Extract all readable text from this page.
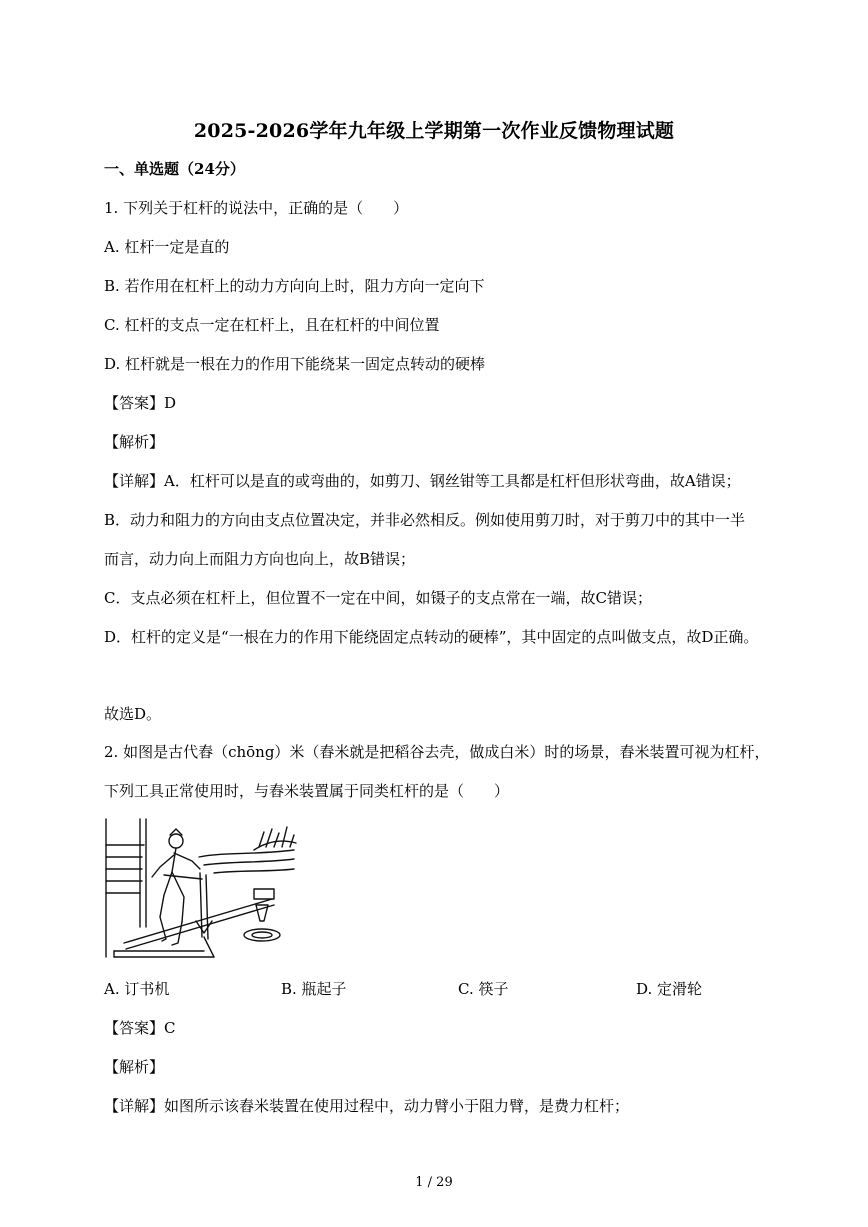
2025-2026学年九年级上学期第一次作业反馈物理试题
一、单选题（24分）
1. 下列关于杠杆的说法中，正确的是（　　）
A. 杠杆一定是直的
B. 若作用在杠杆上的动力方向向上时，阻力方向一定向下
C. 杠杆的支点一定在杠杆上，且在杠杆的中间位置
D. 杠杆就是一根在力的作用下能绕某一固定点转动的硬棒
【答案】D
【解析】
【详解】A．杠杆可以是直的或弯曲的，如剪刀、钢丝钳等工具都是杠杆但形状弯曲，故A错误；
B．动力和阻力的方向由支点位置决定，并非必然相反。例如使用剪刀时，对于剪刀中的其中一半
而言，动力向上而阻力方向也向上，故B错误；
C．支点必须在杠杆上，但位置不一定在中间，如镊子的支点常在一端，故C错误；
D．杠杆的定义是“一根在力的作用下能绕固定点转动的硬棒”，其中固定的点叫做支点，故D正确。
故选D。
2. 如图是古代舂（chōng）米（舂米就是把稻谷去壳，做成白米）时的场景，舂米装置可视为杠杆，
下列工具正常使用时，与舂米装置属于同类杠杆的是（　　）
A. 订书机	B. 瓶起子	C. 筷子	D. 定滑轮
【答案】C
【解析】
【详解】如图所示该舂米装置在使用过程中，动力臂小于阻力臂，是费力杠杆；
1 / 29
